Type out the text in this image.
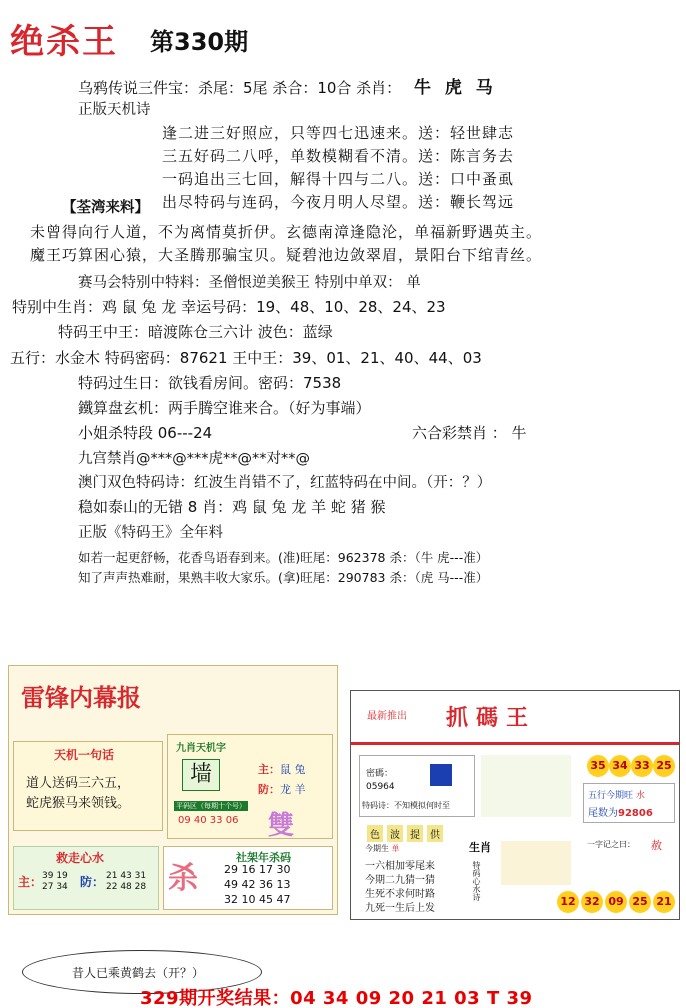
绝杀王 第330期
乌鸦传说三件宝：杀尾：5尾 杀合：10合 杀肖： 牛 虎 马
正版天机诗
逢二进三好照应，只等四七迅速来。送：轻世肆志
三五好码二八呼，单数模糊看不清。送：陈言务去
一码追出三七回，解得十四与二八。送：口中蚤虱
出尽特码与连码，今夜月明人尽望。送：鞭长驾远
【荃湾来料】
未曾得向行人道，不为离情莫折伊。玄德南漳逢隐沦，单福新野遇英主。
魔王巧算困心猿，大圣腾那骗宝贝。疑碧池边敛翠眉，景阳台下绾青丝。
赛马会特别中特料：圣僧恨逆美猴王 特别中单双： 单
特别中生肖：鸡 鼠 兔 龙 幸运号码：19、48、10、28、24、23
特码王中王：暗渡陈仓三六计 波色：蓝绿
五行：水金木 特码密码：87621 王中王：39、01、21、40、44、03
特码过生日：欲钱看房间。密码：7538
鐵算盘玄机：两手腾空谁来合。（好为事端）
小姐杀特段 06---24	六合彩禁肖 ： 牛
九宫禁肖@***@***虎**@**对**@
澳门双色特码诗：红波生肖错不了，红蓝特码在中间。（开：？）
稳如泰山的无错 8 肖：鸡 鼠 兔 龙 羊 蛇 猪 猴
正版《特码王》全年料
如若一起更舒畅，花香鸟语春到来。(准)旺尾：962378 杀：（牛 虎---准）
知了声声热难耐，果熟丰收大家乐。(拿)旺尾：290783 杀：（虎 马---准）
雷锋内幕报
天机一句话
道人送码三六五，
蛇虎猴马来领钱。
九肖天机字
墙	主：鼠 兔
防：龙 羊
平码区（每期十个号）
09 40 33 06 雙
救走心水
主： 39 19
27 34 防： 21 43 31
22 48 28 杀
社架年杀码
29 16 17 30
49 42 36 13
32 10 45 47
最新推出 抓碼王
密碼：
05964
特码诗：不知模拟何时至
35 34 33 25
五行今期旺 水
尾数为92806
色	波	提	供
生肖
今期生 单
一六相加零尾来
今期二九猜一猜
生死不求何时路
九死一生后上发
特码心水诗
一字记之曰： 赦
12 32 09 25 21
昔人已乘黄鹤去（开？）
329期开奖结果：04 34 09 20 21 03 T 39
